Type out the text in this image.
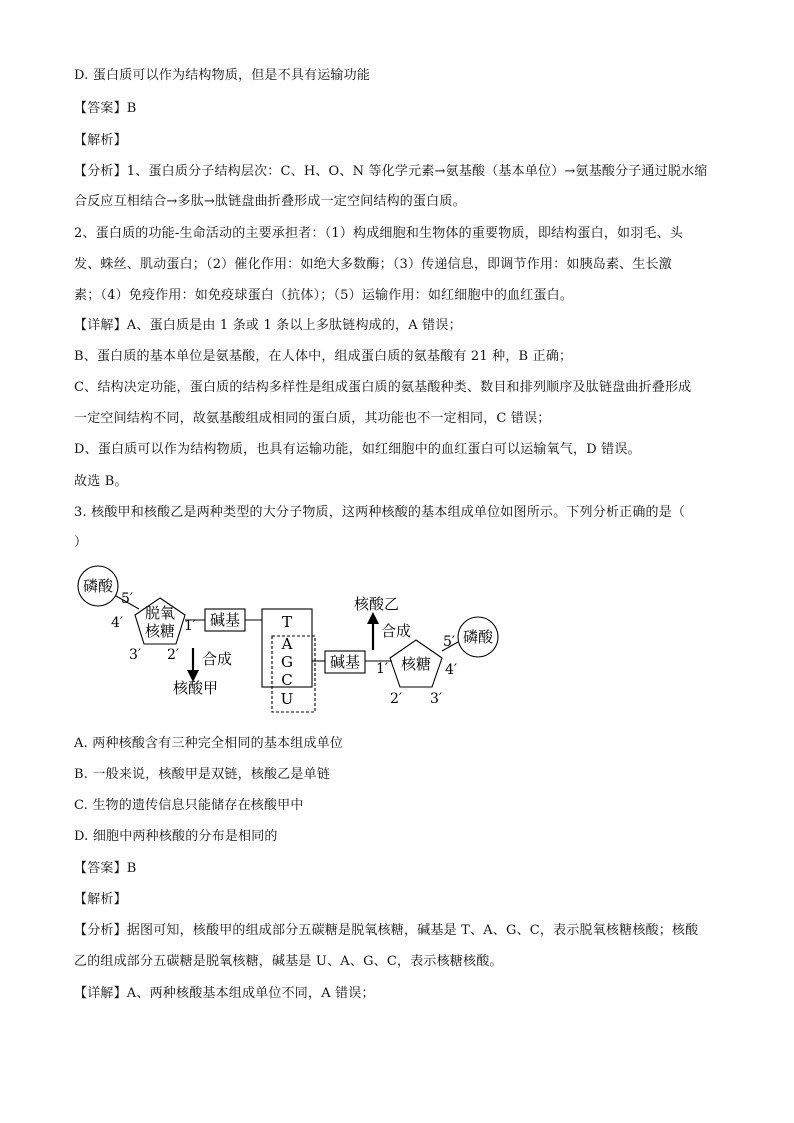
D. 蛋白质可以作为结构物质，但是不具有运输功能
【答案】B
【解析】
【分析】1、蛋白质分子结构层次：C、H、O、N 等化学元素→氨基酸（基本单位）→氨基酸分子通过脱水缩
合反应互相结合→多肽→肽链盘曲折叠形成一定空间结构的蛋白质。
2、蛋白质的功能-生命活动的主要承担者：（1）构成细胞和生物体的重要物质，即结构蛋白，如羽毛、头
发、蛛丝、肌动蛋白；（2）催化作用：如绝大多数酶；（3）传递信息，即调节作用：如胰岛素、生长激
素；（4）免疫作用：如免疫球蛋白（抗体）；（5）运输作用：如红细胞中的血红蛋白。
【详解】A、蛋白质是由 1 条或 1 条以上多肽链构成的，A 错误；
B、蛋白质的基本单位是氨基酸，在人体中，组成蛋白质的氨基酸有 21 种，B 正确；
C、结构决定功能，蛋白质的结构多样性是组成蛋白质的氨基酸种类、数目和排列顺序及肽链盘曲折叠形成
一定空间结构不同，故氨基酸组成相同的蛋白质，其功能也不一定相同，C 错误；
D、蛋白质可以作为结构物质，也具有运输功能，如红细胞中的血红蛋白可以运输氧气，D 错误。
故选 B。
3. 核酸甲和核酸乙是两种类型的大分子物质，这两种核酸的基本组成单位如图所示。下列分析正确的是（
）
磷酸
脱氧
核糖
碱基	T
A
G
C
U
碱基	核糖
磷酸
合成
核酸甲
合成
核酸乙
5′
4′	1′
3′ 2′
5′
4′
1′
2′ 3′
A. 两种核酸含有三种完全相同的基本组成单位
B. 一般来说，核酸甲是双链，核酸乙是单链
C. 生物的遗传信息只能储存在核酸甲中
D. 细胞中两种核酸的分布是相同的
【答案】B
【解析】
【分析】据图可知，核酸甲的组成部分五碳糖是脱氧核糖，碱基是 T、A、G、C，表示脱氧核糖核酸；核酸
乙的组成部分五碳糖是脱氧核糖，碱基是 U、A、G、C，表示核糖核酸。
【详解】A、两种核酸基本组成单位不同，A 错误；
